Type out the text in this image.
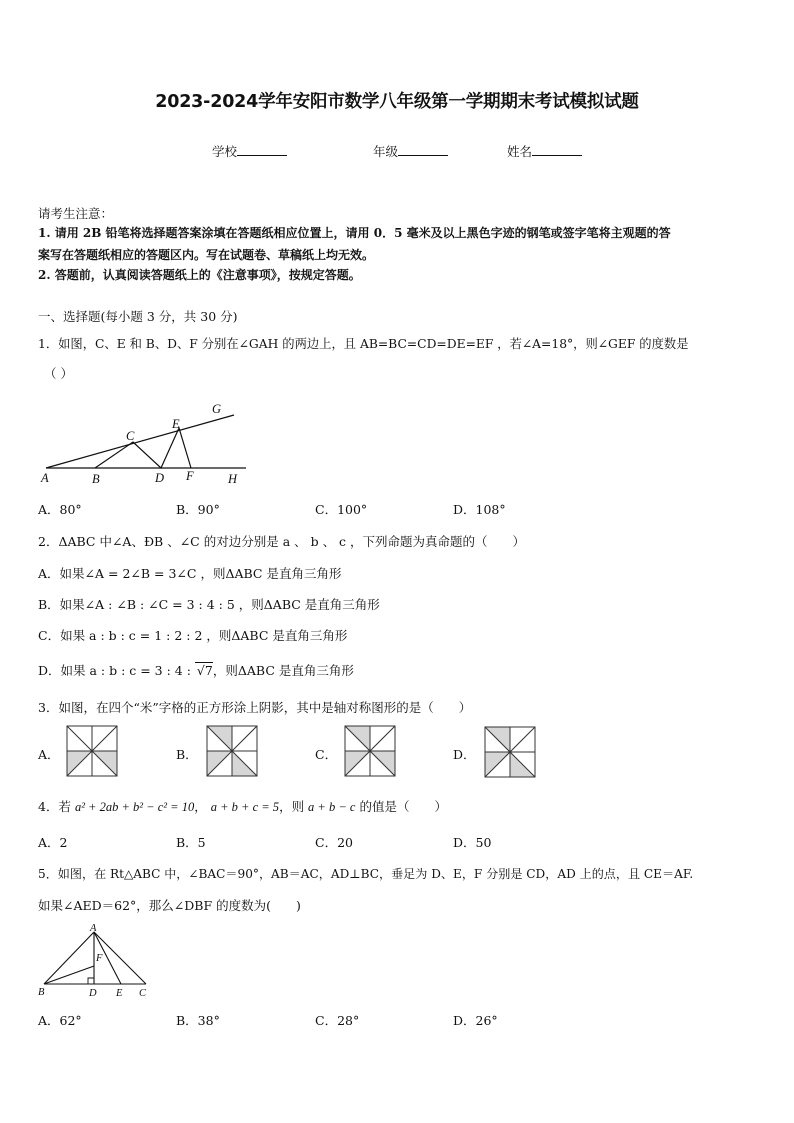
2023-2024学年安阳市数学八年级第一学期期末考试模拟试题
学校	年级	姓名
请考生注意：
1. 请用 2B 铅笔将选择题答案涂填在答题纸相应位置上，请用 0．5 毫米及以上黑色字迹的钢笔或签字笔将主观题的答
案写在答题纸相应的答题区内。写在试题卷、草稿纸上均无效。
2. 答题前，认真阅读答题纸上的《注意事项》，按规定答题。
一、选择题(每小题 3 分，共 30 分)
1．如图，C、E 和 B、D、F 分别在∠GAH 的两边上，且 AB=BC=CD=DE=EF ，若∠A=18°，则∠GEF 的度数是
（ ）
A	B
C
D
E
F
G
H
A．80°	B．90°	C．100°	D．108°
2．ΔABC 中∠A、ÐB 、∠C 的对边分别是 a 、 b 、 c ，下列命题为真命题的（　　）
A．如果∠A = 2∠B = 3∠C ，则ΔABC 是直角三角形
B．如果∠A : ∠B : ∠C = 3 : 4 : 5 ，则ΔABC 是直角三角形
C．如果 a : b : c = 1 : 2 : 2 ，则ΔABC 是直角三角形
D．如果 a : b : c = 3 : 4 : √7，则ΔABC 是直角三角形
3．如图，在四个“米”字格的正方形涂上阴影，其中是轴对称图形的是（　　）
A．	B．	C．	D．
4．若 a² + 2ab + b² − c² = 10， a + b + c = 5，则 a + b − c 的值是（　　）
A．2	B．5	C．20	D．50
5．如图，在 Rt△ABC 中，∠BAC＝90°，AB＝AC，AD⊥BC，垂足为 D、E，F 分别是 CD，AD 上的点，且 CE＝AF.
如果∠AED＝62°，那么∠DBF 的度数为(　　)
A
B	D E C
F
A．62°	B．38°	C．28°	D．26°
